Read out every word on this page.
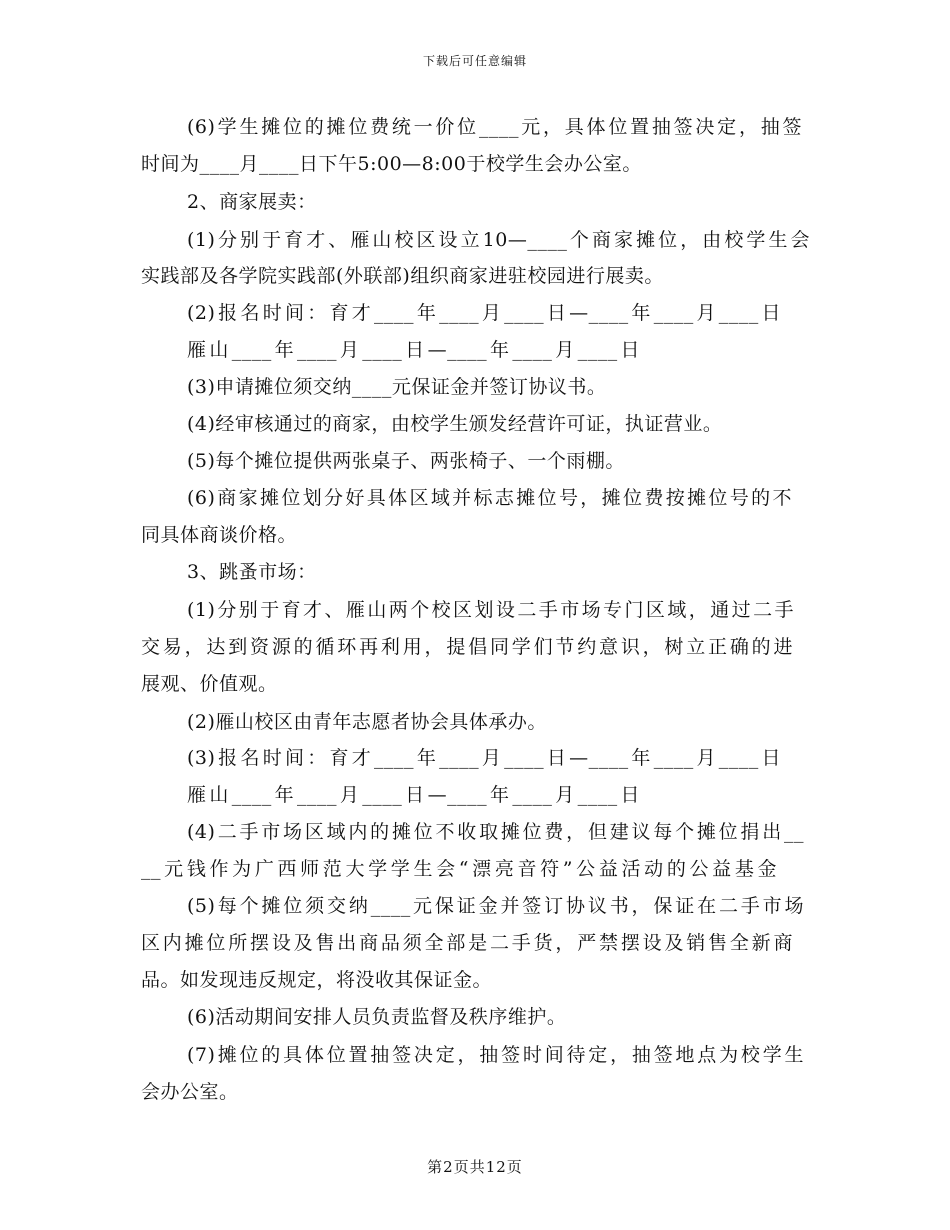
下载后可任意编辑
(6)学生摊位的摊位费统一价位____元，具体位置抽签决定，抽签
时间为____月____日下午5:00—8:00于校学生会办公室。
2、商家展卖：
(1)分别于育才、雁山校区设立10—____个商家摊位，由校学生会
实践部及各学院实践部(外联部)组织商家进驻校园进行展卖。
(2)报名时间：育才____年____月____日—____年____月____日
雁山____年____月____日—____年____月____日
(3)申请摊位须交纳____元保证金并签订协议书。
(4)经审核通过的商家，由校学生颁发经营许可证，执证营业。
(5)每个摊位提供两张桌子、两张椅子、一个雨棚。
(6)商家摊位划分好具体区域并标志摊位号，摊位费按摊位号的不
同具体商谈价格。
3、跳蚤市场：
(1)分别于育才、雁山两个校区划设二手市场专门区域，通过二手
交易，达到资源的循环再利用，提倡同学们节约意识，树立正确的进
展观、价值观。
(2)雁山校区由青年志愿者协会具体承办。
(3)报名时间：育才____年____月____日—____年____月____日
雁山____年____月____日—____年____月____日
(4)二手市场区域内的摊位不收取摊位费，但建议每个摊位捐出__
__元钱作为广西师范大学学生会“漂亮音符”公益活动的公益基金
(5)每个摊位须交纳____元保证金并签订协议书，保证在二手市场
区内摊位所摆设及售出商品须全部是二手货，严禁摆设及销售全新商
品。如发现违反规定，将没收其保证金。
(6)活动期间安排人员负责监督及秩序维护。
(7)摊位的具体位置抽签决定，抽签时间待定，抽签地点为校学生
会办公室。
第2页共12页
